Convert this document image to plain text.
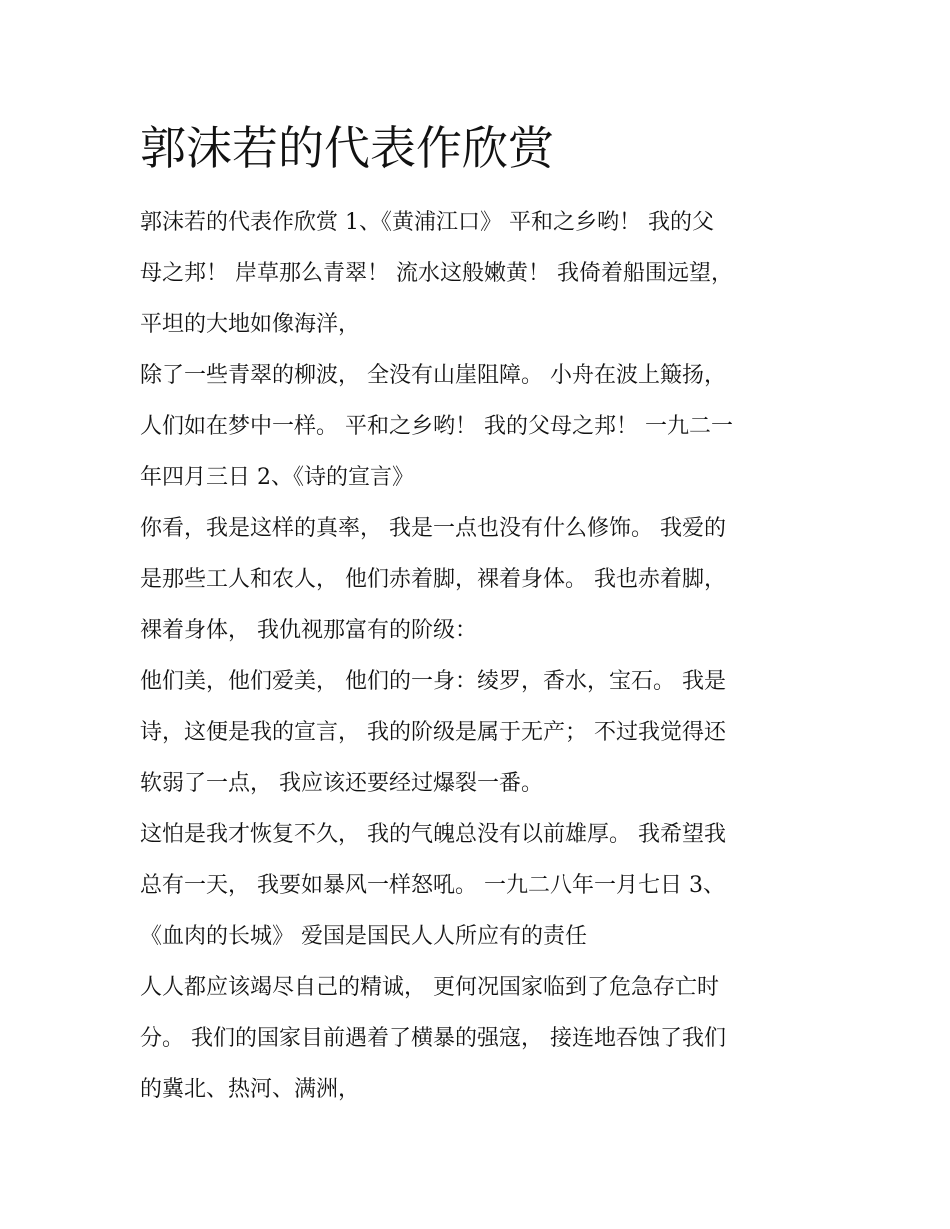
郭沫若的代表作欣赏

郭沫若的代表作欣赏 1、《黄浦江口》 平和之乡哟！ 我的父
母之邦！ 岸草那么青翠！ 流水这般嫩黄！ 我倚着船围远望，
平坦的大地如像海洋，

除了一些青翠的柳波， 全没有山崖阻障。 小舟在波上簸扬，
人们如在梦中一样。 平和之乡哟！ 我的父母之邦！ 一九二一
年四月三日 2、《诗的宣言》

你看，我是这样的真率， 我是一点也没有什么修饰。 我爱的
是那些工人和农人， 他们赤着脚，裸着身体。 我也赤着脚，
裸着身体， 我仇视那富有的阶级：

他们美，他们爱美， 他们的一身：绫罗，香水，宝石。 我是
诗，这便是我的宣言， 我的阶级是属于无产； 不过我觉得还
软弱了一点， 我应该还要经过爆裂一番。

这怕是我才恢复不久， 我的气魄总没有以前雄厚。 我希望我
总有一天， 我要如暴风一样怒吼。 一九二八年一月七日 3、
《血肉的长城》 爱国是国民人人所应有的责任

人人都应该竭尽自己的精诚， 更何况国家临到了危急存亡时
分。 我们的国家目前遇着了横暴的强寇， 接连地吞蚀了我们
的冀北、热河、满洲，
